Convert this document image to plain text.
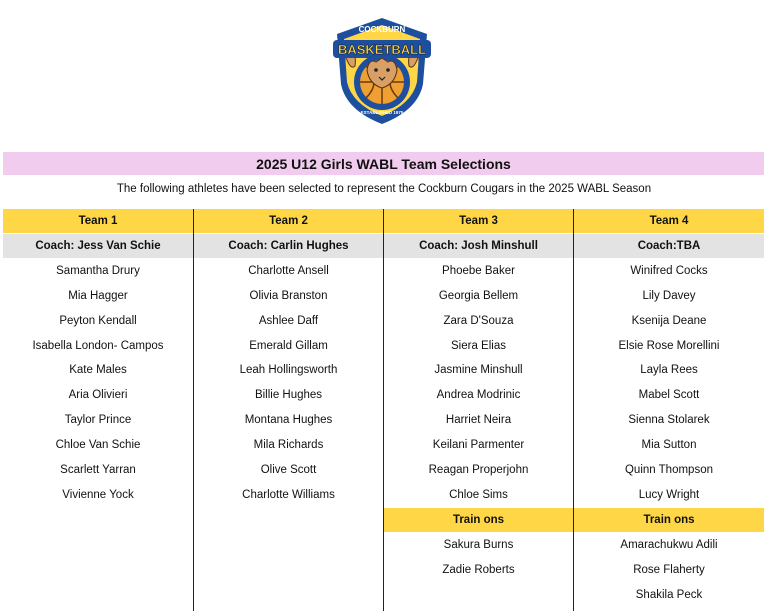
COCKBURN
BASKETBALL
ESTABLISHED 1975
2025 U12 Girls WABL Team Selections
The following athletes have been selected to represent the Cockburn Cougars in the 2025 WABL Season
Team 1
Coach: Jess Van Schie
Samantha Drury
Mia Hagger
Peyton Kendall
Isabella London- Campos
Kate Males
Aria Olivieri
Taylor Prince
Chloe Van Schie
Scarlett Yarran
Vivienne Yock
Team 2
Coach: Carlin Hughes
Charlotte Ansell
Olivia Branston
Ashlee Daff
Emerald Gillam
Leah Hollingsworth
Billie Hughes
Montana Hughes
Mila Richards
Olive Scott
Charlotte Williams
Team 3
Coach: Josh Minshull
Phoebe Baker
Georgia Bellem
Zara D'Souza
Siera Elias
Jasmine Minshull
Andrea Modrinic
Harriet Neira
Keilani Parmenter
Reagan Properjohn
Chloe Sims
Train ons
Sakura Burns
Zadie Roberts
Team 4
Coach:TBA
Winifred Cocks
Lily Davey
Ksenija Deane
Elsie Rose Morellini
Layla Rees
Mabel Scott
Sienna Stolarek
Mia Sutton
Quinn Thompson
Lucy Wright
Train ons
Amarachukwu Adili
Rose Flaherty
Shakila Peck
